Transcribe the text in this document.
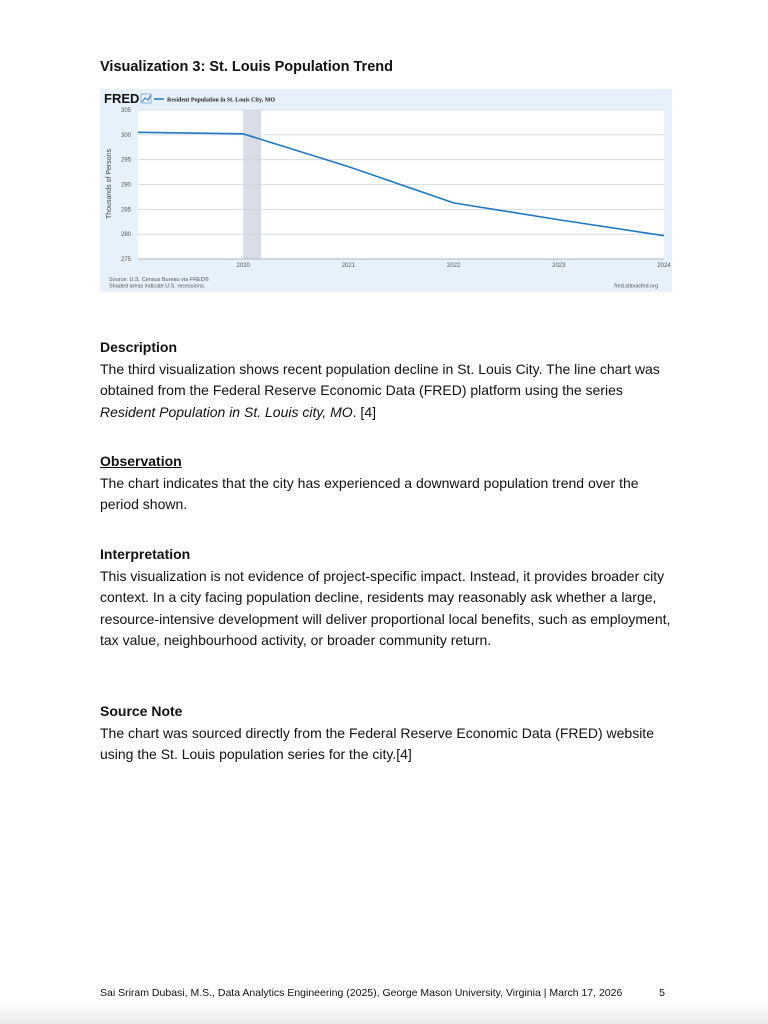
Visualization 3: St. Louis Population Trend
FRED	Resident Population in St. Louis City, MO
275
280
285
290
295
300
305
2020	2021	2022	2023	2024
Thousands of Persons
Source: U.S. Census Bureau via FRED®
Shaded areas indicate U.S. recessions.	fred.stlouisfed.org
Description

The third visualization shows recent population decline in St. Louis City. The line chart was obtained from the Federal Reserve Economic Data (FRED) platform using the series Resident Population in St. Louis city, MO. [4]

Observation

The chart indicates that the city has experienced a downward population trend over the period shown.

Interpretation

This visualization is not evidence of project-specific impact. Instead, it provides broader city context. In a city facing population decline, residents may reasonably ask whether a large, resource-intensive development will deliver proportional local benefits, such as employment, tax value, neighbourhood activity, or broader community return.

Source Note

The chart was sourced directly from the Federal Reserve Economic Data (FRED) website using the St. Louis population series for the city.[4]

Sai Sriram Dubasi, M.S., Data Analytics Engineering (2025), George Mason University, Virginia | March 17, 2026	5
